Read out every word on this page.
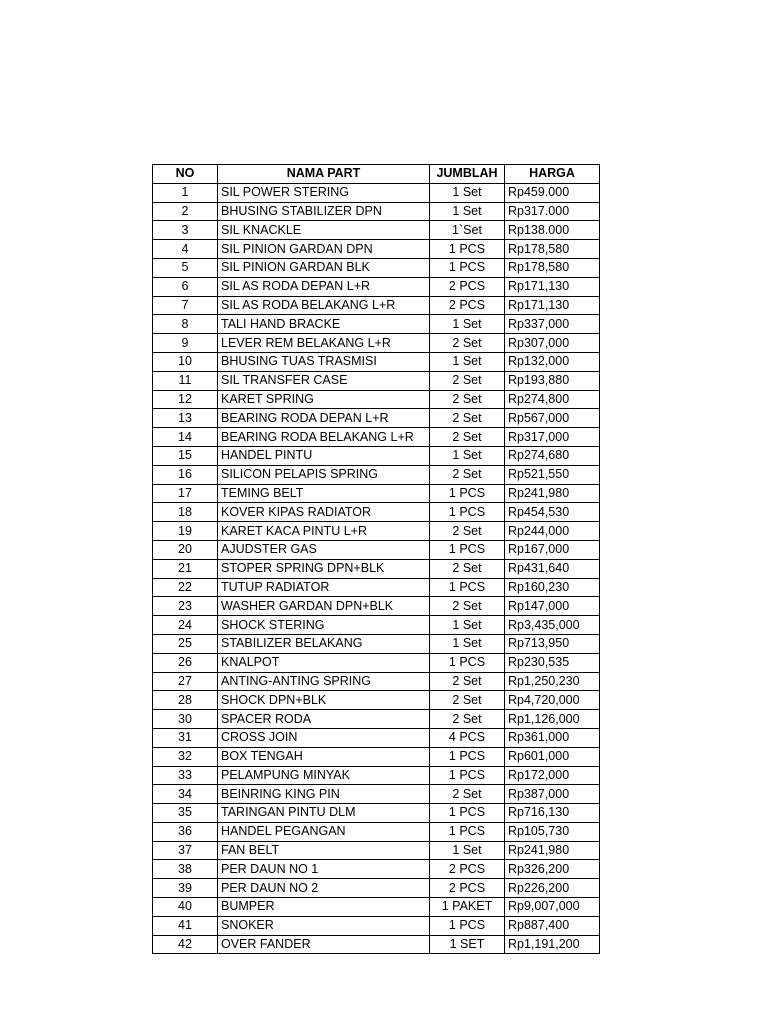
NO	NAMA PART	JUMBLAH	HARGA
1	SIL POWER STERING	1 Set	Rp459.000
2	BHUSING STABILIZER DPN	1 Set	Rp317.000
3	SIL KNACKLE	1`Set	Rp138.000
4	SIL PINION GARDAN DPN	1 PCS	Rp178,580
5	SIL PINION GARDAN BLK	1 PCS	Rp178,580
6	SIL AS RODA DEPAN L+R	2 PCS	Rp171,130
7	SIL AS RODA BELAKANG L+R	2 PCS	Rp171,130
8	TALI HAND BRACKE	1 Set	Rp337,000
9	LEVER REM BELAKANG L+R	2 Set	Rp307,000
10	BHUSING TUAS TRASMISI	1 Set	Rp132,000
11	SIL TRANSFER CASE	2 Set	Rp193,880
12	KARET SPRING	2 Set	Rp274,800
13	BEARING RODA DEPAN L+R	2 Set	Rp567,000
14	BEARING RODA BELAKANG L+R	2 Set	Rp317,000
15	HANDEL PINTU	1 Set	Rp274,680
16	SILICON PELAPIS SPRING	2 Set	Rp521,550
17	TEMING BELT	1 PCS	Rp241,980
18	KOVER KIPAS RADIATOR	1 PCS	Rp454,530
19	KARET KACA PINTU L+R	2 Set	Rp244,000
20	AJUDSTER GAS	1 PCS	Rp167,000
21	STOPER SPRING DPN+BLK	2 Set	Rp431,640
22	TUTUP RADIATOR	1 PCS	Rp160,230
23	WASHER GARDAN DPN+BLK	2 Set	Rp147,000
24	SHOCK STERING	1 Set	Rp3,435,000
25	STABILIZER BELAKANG	1 Set	Rp713,950
26	KNALPOT	1 PCS	Rp230,535
27	ANTING-ANTING SPRING	2 Set	Rp1,250,230
28	SHOCK DPN+BLK	2 Set	Rp4,720,000
30	SPACER RODA	2 Set	Rp1,126,000
31	CROSS JOIN	4 PCS	Rp361,000
32	BOX TENGAH	1 PCS	Rp601,000
33	PELAMPUNG MINYAK	1 PCS	Rp172,000
34	BEINRING KING PIN	2 Set	Rp387,000
35	TARINGAN PINTU DLM	1 PCS	Rp716,130
36	HANDEL PEGANGAN	1 PCS	Rp105,730
37	FAN BELT	1 Set	Rp241,980
38	PER DAUN NO 1	2 PCS	Rp326,200
39	PER DAUN NO 2	2 PCS	Rp226,200
40	BUMPER	1 PAKET	Rp9,007,000
41	SNOKER	1 PCS	Rp887,400
42	OVER FANDER	1 SET	Rp1,191,200
